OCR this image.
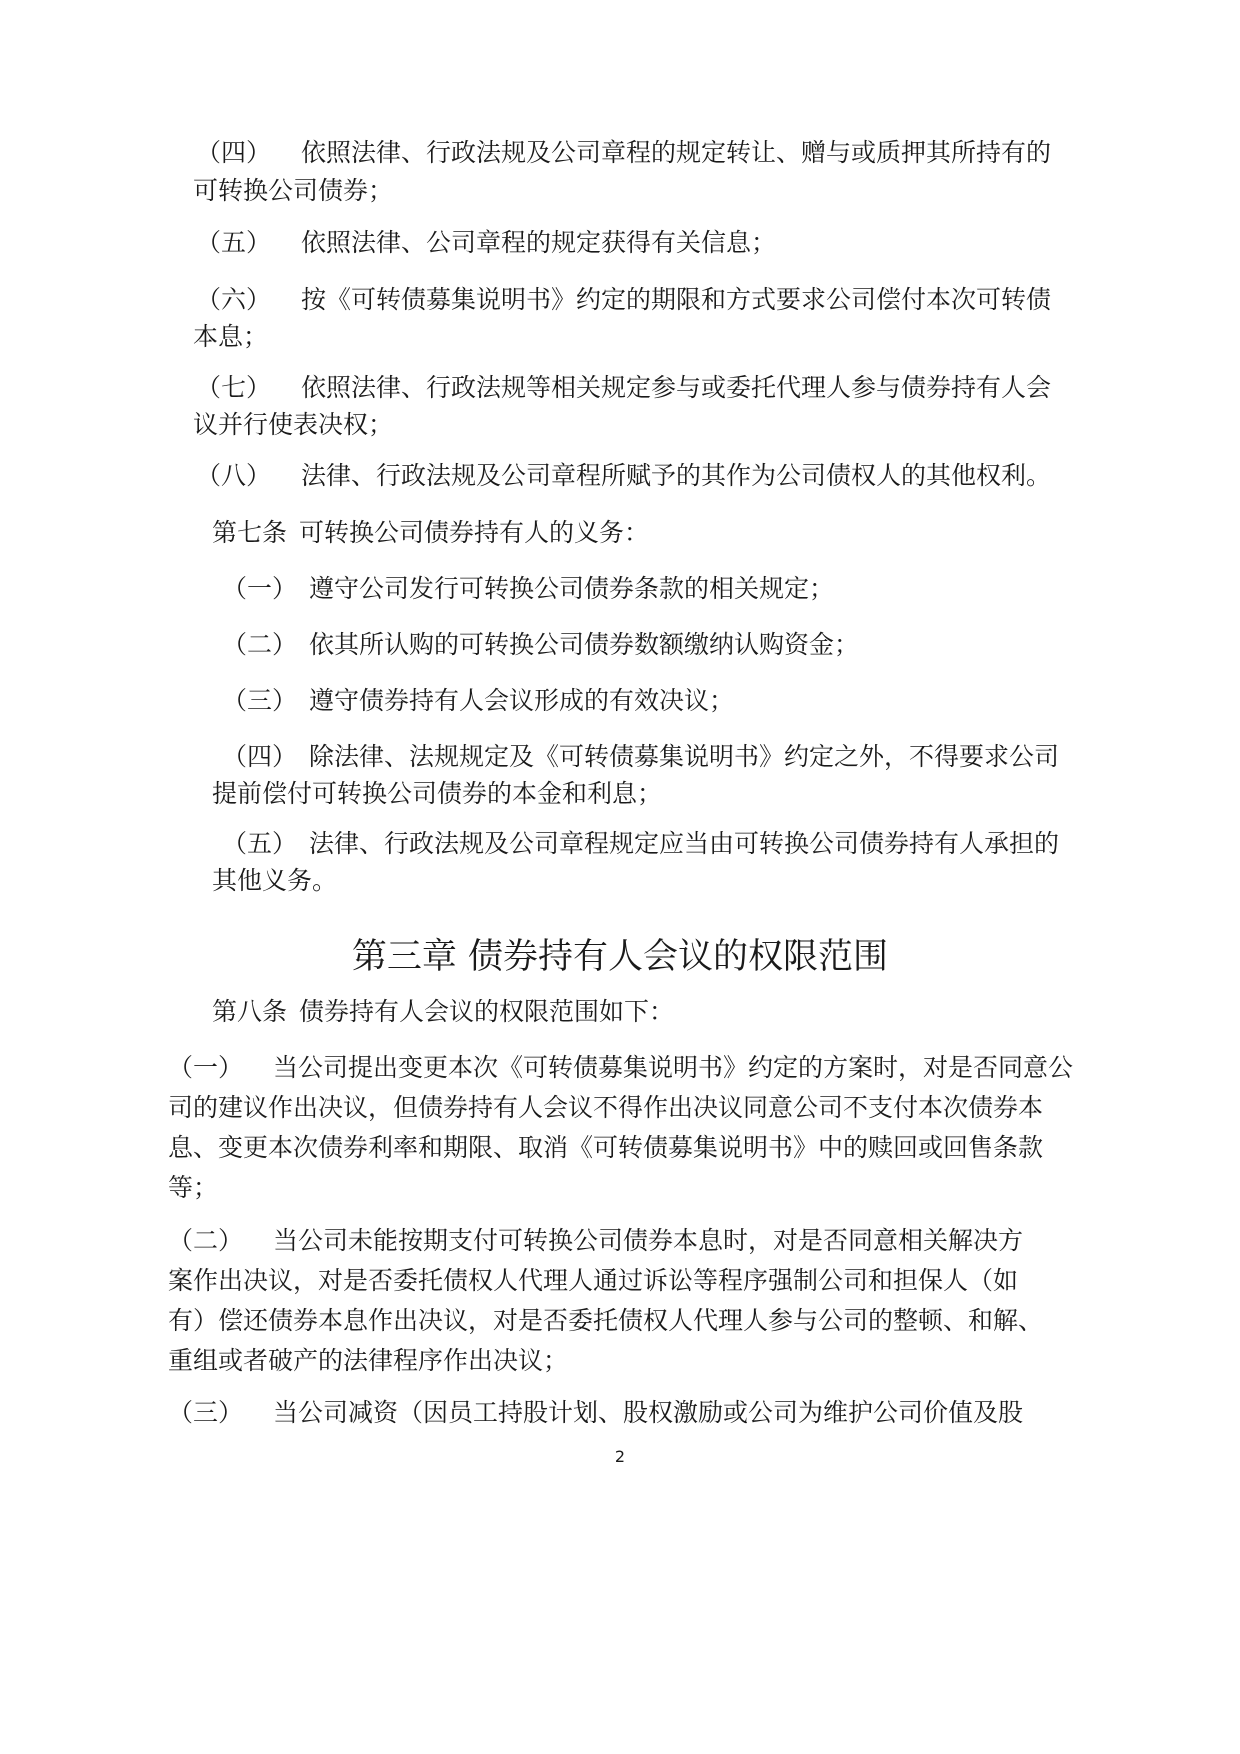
（四） 依照法律、行政法规及公司章程的规定转让、赠与或质押其所持有的
可转换公司债券；
（五） 依照法律、公司章程的规定获得有关信息；
（六） 按《可转债募集说明书》约定的期限和方式要求公司偿付本次可转债
本息；
（七） 依照法律、行政法规等相关规定参与或委托代理人参与债券持有人会
议并行使表决权；
（八） 法律、行政法规及公司章程所赋予的其作为公司债权人的其他权利。
第七条 可转换公司债券持有人的义务：
（一） 遵守公司发行可转换公司债券条款的相关规定；
（二） 依其所认购的可转换公司债券数额缴纳认购资金；
（三） 遵守债券持有人会议形成的有效决议；
（四） 除法律、法规规定及《可转债募集说明书》约定之外，不得要求公司
提前偿付可转换公司债券的本金和利息；
（五） 法律、行政法规及公司章程规定应当由可转换公司债券持有人承担的
其他义务。
第三章 债券持有人会议的权限范围
第八条 债券持有人会议的权限范围如下：
（一） 当公司提出变更本次《可转债募集说明书》约定的方案时，对是否同意公
司的建议作出决议，但债券持有人会议不得作出决议同意公司不支付本次债券本
息、变更本次债券利率和期限、取消《可转债募集说明书》中的赎回或回售条款
等；
（二） 当公司未能按期支付可转换公司债券本息时，对是否同意相关解决方
案作出决议，对是否委托债权人代理人通过诉讼等程序强制公司和担保人（如
有）偿还债券本息作出决议，对是否委托债权人代理人参与公司的整顿、和解、
重组或者破产的法律程序作出决议；
（三） 当公司减资（因员工持股计划、股权激励或公司为维护公司价值及股
2
